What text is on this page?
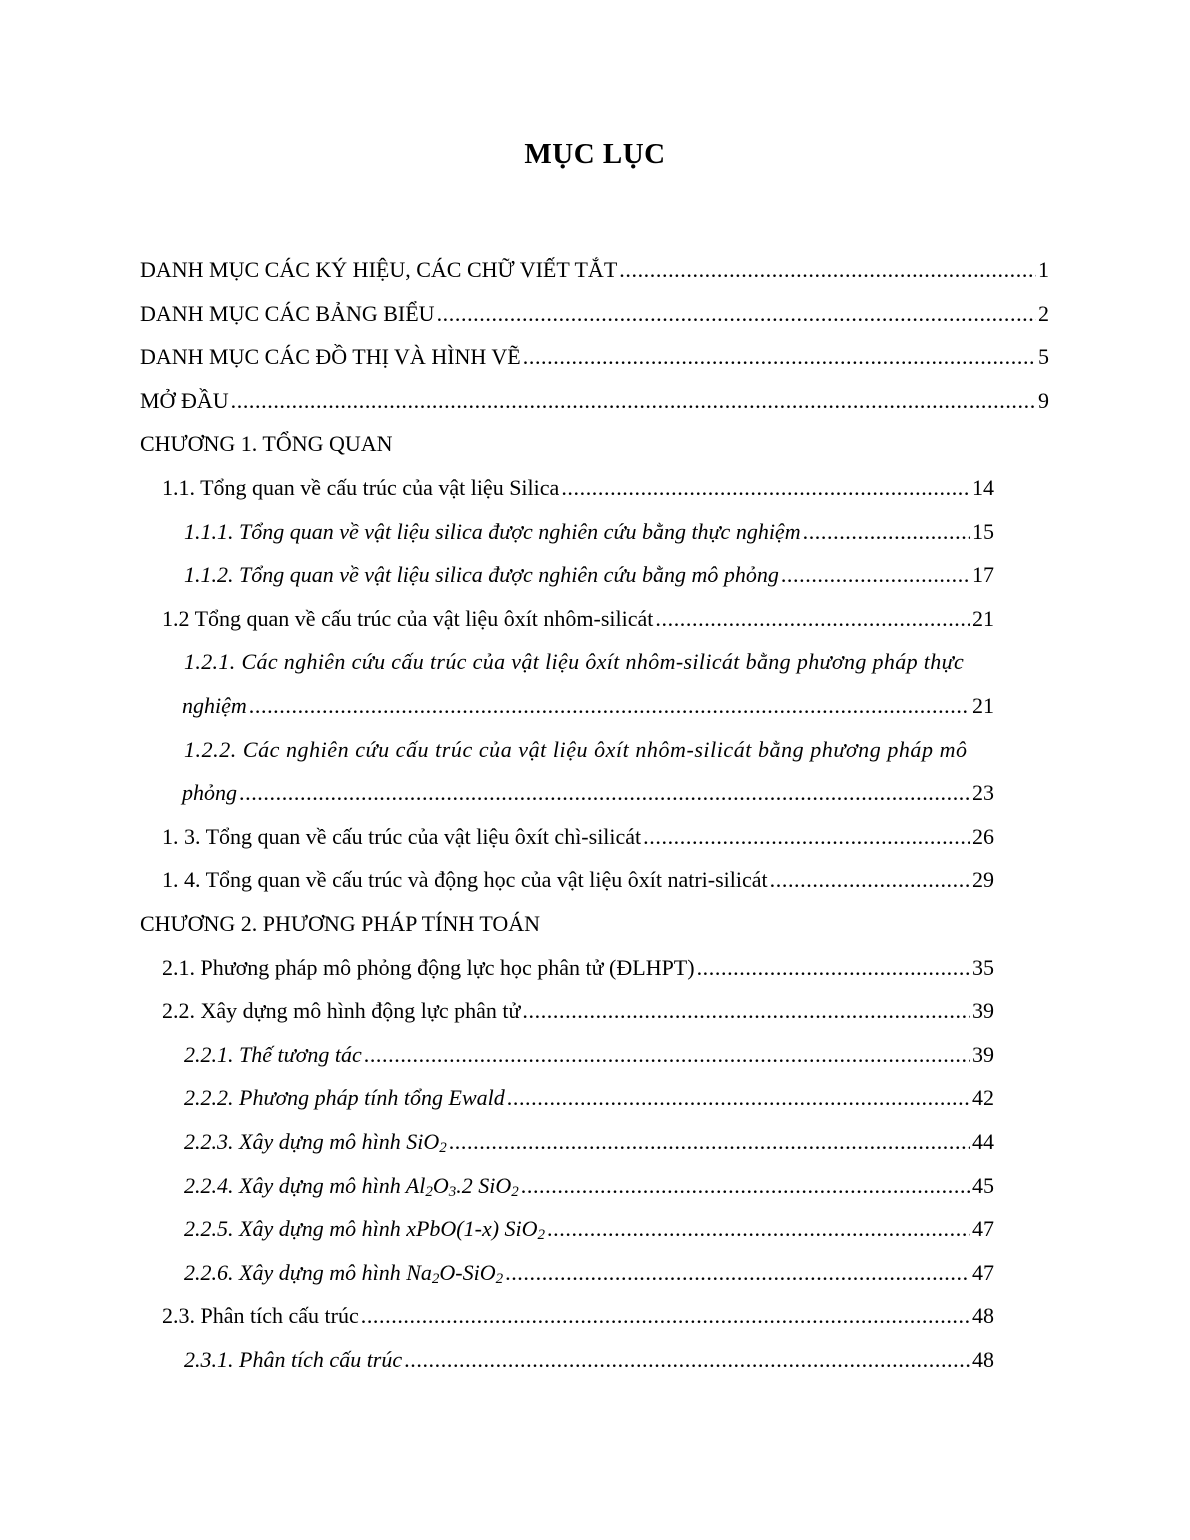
MỤC LỤC
DANH MỤC CÁC KÝ HIỆU, CÁC CHỮ VIẾT TẮT .....	1
DANH MỤC CÁC BẢNG BIỂU .....	2
DANH MỤC CÁC ĐỒ THỊ VÀ HÌNH VẼ .....	5
MỞ ĐẦU .....	9
CHƯƠNG 1. TỔNG QUAN
1.1. Tổng quan về cấu trúc của vật liệu Silica .....	14
1.1.1. Tổng quan về vật liệu silica được nghiên cứu bằng thực nghiệm .....	15
1.1.2. Tổng quan về vật liệu silica được nghiên cứu bằng mô phỏng .....	17
1.2 Tổng quan về cấu trúc của vật liệu ôxít nhôm-silicát .....	21
1.2.1. Các nghiên cứu cấu trúc của vật liệu ôxít nhôm-silicát bằng phương pháp thực
nghiệm .....	21
1.2.2. Các nghiên cứu cấu trúc của vật liệu ôxít nhôm-silicát bằng phương pháp mô
phỏng .....	23
1. 3. Tổng quan về cấu trúc của vật liệu ôxít chì-silicát .....	26
1. 4. Tổng quan về cấu trúc và động học của vật liệu ôxít natri-silicát .....	29
CHƯƠNG 2. PHƯƠNG PHÁP TÍNH TOÁN
2.1. Phương pháp mô phỏng động lực học phân tử (ĐLHPT) .....	35
2.2. Xây dựng mô hình động lực phân tử .....	39
2.2.1. Thế tương tác .....	39
2.2.2. Phương pháp tính tổng Ewald .....	42
2.2.3. Xây dựng mô hình SiO$_2$ .....	44
2.2.4. Xây dựng mô hình $Al_2O_3.2$ SiO$_2$ .....	45
2.2.5. Xây dựng mô hình xPbO(1-x) SiO$_2$ .....	47
2.2.6. Xây dựng mô hình $Na_2O-SiO_2$ .....	47
2.3. Phân tích cấu trúc .....	48
2.3.1. Phân tích cấu trúc .....	48
